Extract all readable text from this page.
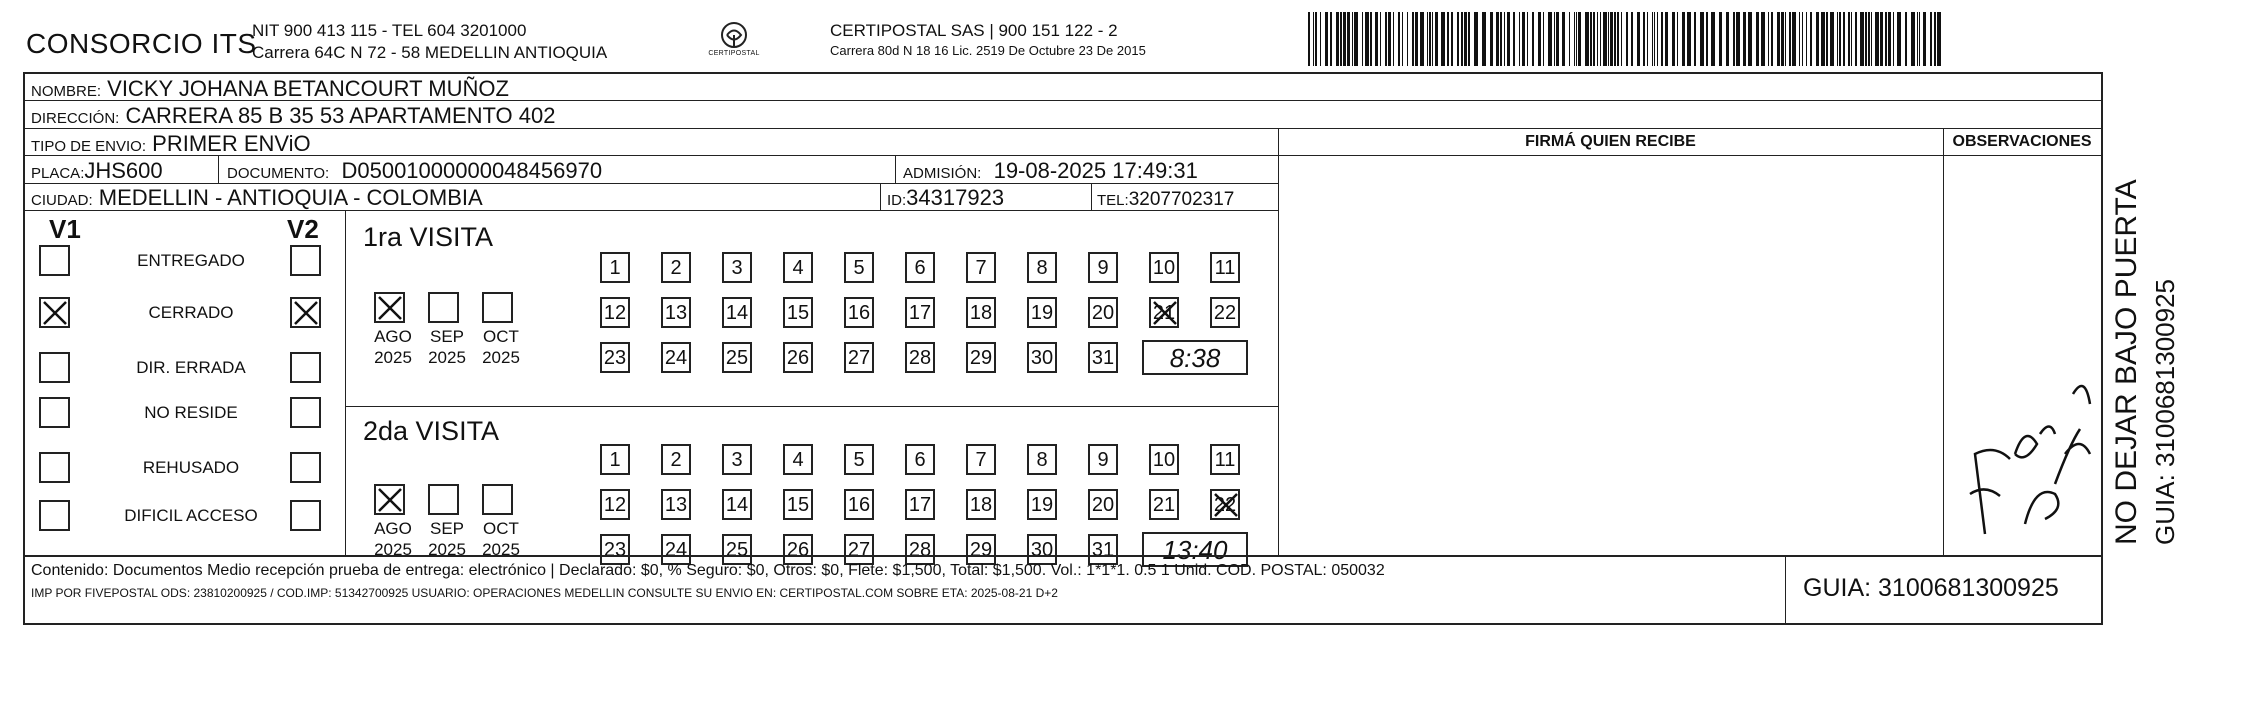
CONSORCIO ITS
NIT 900 413 115 - TEL 604 3201000
Carrera 64C N 72 - 58 MEDELLIN ANTIOQUIA	CERTIPOSTAL
CERTIPOSTAL SAS | 900 151 122 - 2
Carrera 80d N 18 16 Lic. 2519 De Octubre 23 De 2015
NOMBRE: VICKY JOHANA BETANCOURT MUÑOZ
DIRECCIÓN: CARRERA 85 B 35 53 APARTAMENTO 402
TIPO DE ENVIO: PRIMER ENViO	FIRMÁ QUIEN RECIBE	OBSERVACIONES
PLACA:JHS600	DOCUMENTO: D05001000000048456970	ADMISIÓN: 19-08-2025 17:49:31
CIUDAD: MEDELLIN - ANTIOQUIA - COLOMBIA	ID:34317923	TEL:3207702317
V1	V2
ENTREGADO
CERRADO
DIR. ERRADA
NO RESIDE
REHUSADO
DIFICIL ACCESO
1ra VISITA
AGO
2025
SEP
2025
OCT
2025
1	2	3	4	5	6	7	8	9	10 11
12 13 14 15 16 17 18 19 20 21 22
23 24 25 26 27 28 29 30 31	8:38
2da VISITA
AGO
2025
SEP
2025
OCT
2025
1	2	3	4	5	6	7	8	9	10 11
12 13 14 15 16 17 18 19 20 21 22
23 24 25 26 27 28 29 30 31	13:40
Contenido: Documentos Medio recepción prueba de entrega: electrónico | Declarado: $0, % Seguro: $0, Otros: $0, Flete: $1,500, Total: $1,500. Vol.: 1*1*1. 0.5 1 Unid. COD. POSTAL: 050032
IMP POR FIVEPOSTAL ODS: 23810200925 / COD.IMP: 51342700925 USUARIO: OPERACIONES MEDELLIN CONSULTE SU ENVIO EN: CERTIPOSTAL.COM SOBRE ETA: 2025-08-21 D+2	GUIA: 3100681300925
NO DEJAR BAJO PUERTA GUIA: 3100681300925
